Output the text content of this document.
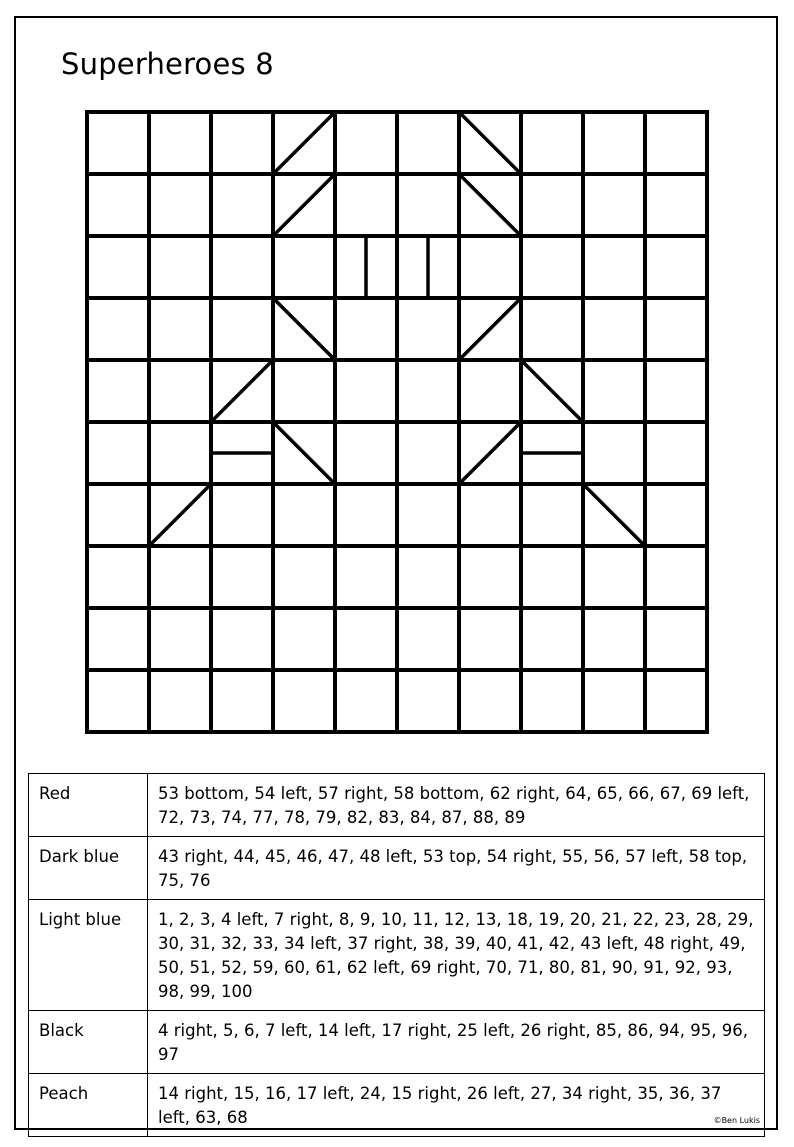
Superheroes 8
Red	53 bottom, 54 left, 57 right, 58 bottom, 62 right, 64, 65, 66, 67, 69 left, 72, 73, 74, 77, 78, 79, 82, 83, 84, 87, 88, 89
Dark blue	43 right, 44, 45, 46, 47, 48 left, 53 top, 54 right, 55, 56, 57 left, 58 top, 75, 76
Light blue	1, 2, 3, 4 left, 7 right, 8, 9, 10, 11, 12, 13, 18, 19, 20, 21, 22, 23, 28, 29, 30, 31, 32, 33, 34 left, 37 right, 38, 39, 40, 41, 42, 43 left, 48 right, 49, 50, 51, 52, 59, 60, 61, 62 left, 69 right, 70, 71, 80, 81, 90, 91, 92, 93, 98, 99, 100
Black	4 right, 5, 6, 7 left, 14 left, 17 right, 25 left, 26 right, 85, 86, 94, 95, 96, 97
Peach	14 right, 15, 16, 17 left, 24, 15 right, 26 left, 27, 34 right, 35, 36, 37 left, 63, 68	©Ben Lukis
